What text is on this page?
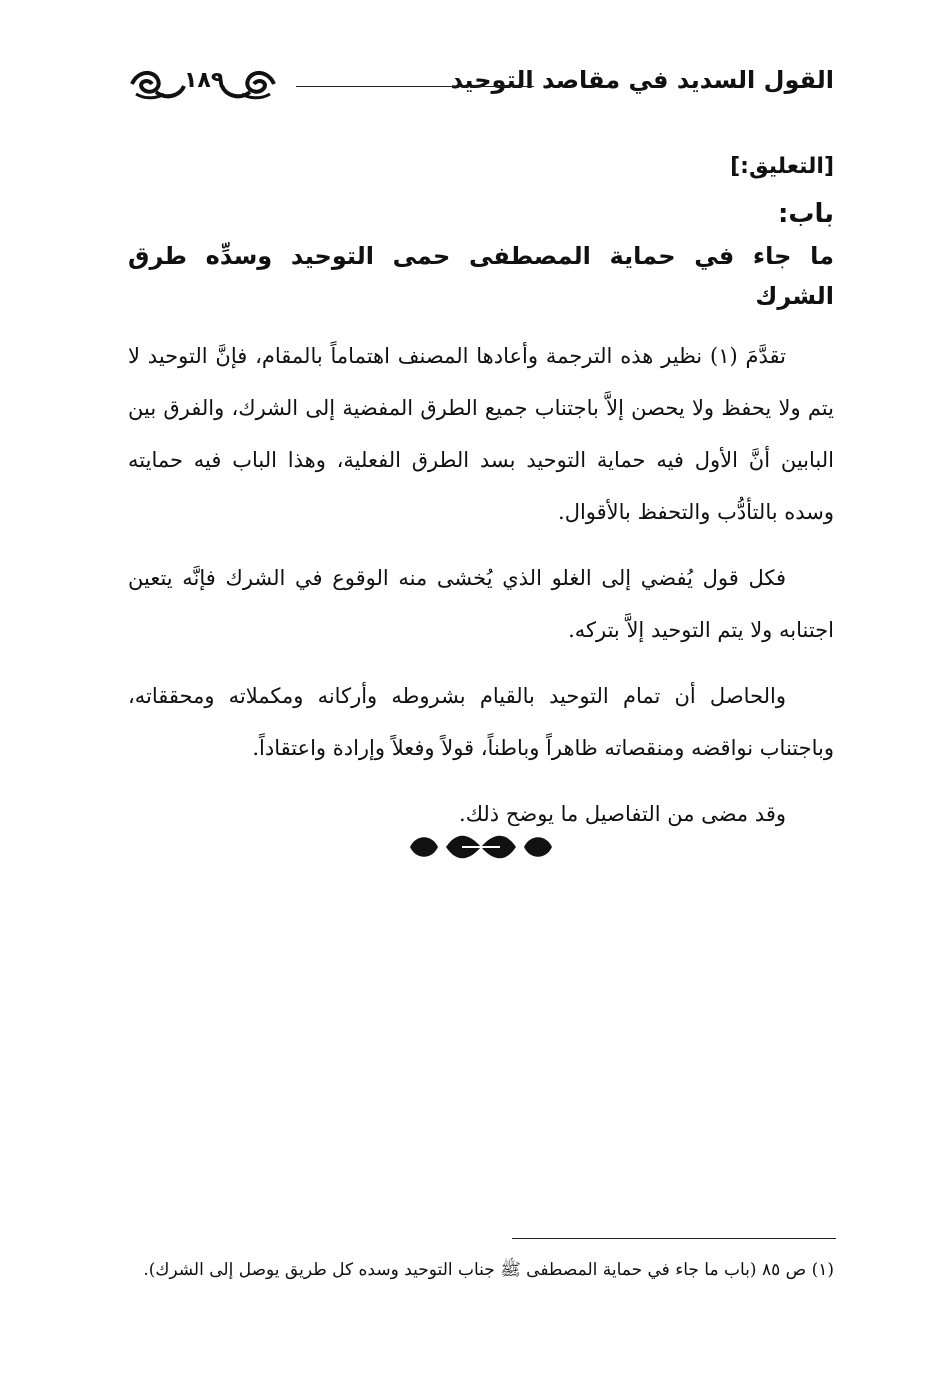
القول السديد في مقاصد التوحيد
١٨٩
[التعليق:]
باب:
ما جاء في حماية المصطفى حمى التوحيد وسدِّه طرق الشرك

تقدَّمَ (١) نظير هذه الترجمة وأعادها المصنف اهتماماً بالمقام، فإنَّ التوحيد لا يتم ولا يحفظ ولا يحصن إلاَّ باجتناب جميع الطرق المفضية إلى الشرك، والفرق بين البابين أنَّ الأول فيه حماية التوحيد بسد الطرق الفعلية، وهذا الباب فيه حمايته وسده بالتأدُّب والتحفظ بالأقوال.

فكل قول يُفضي إلى الغلو الذي يُخشى منه الوقوع في الشرك فإنَّه يتعين اجتنابه ولا يتم التوحيد إلاَّ بتركه.

والحاصل أن تمام التوحيد بالقيام بشروطه وأركانه ومكملاته ومحققاته، وباجتناب نواقضه ومنقصاته ظاهراً وباطناً، قولاً وفعلاً وإرادة واعتقاداً.

وقد مضى من التفاصيل ما يوضح ذلك.

(١) ص ٨٥ (باب ما جاء في حماية المصطفى ﷺ جناب التوحيد وسده كل طريق يوصل إلى الشرك).
